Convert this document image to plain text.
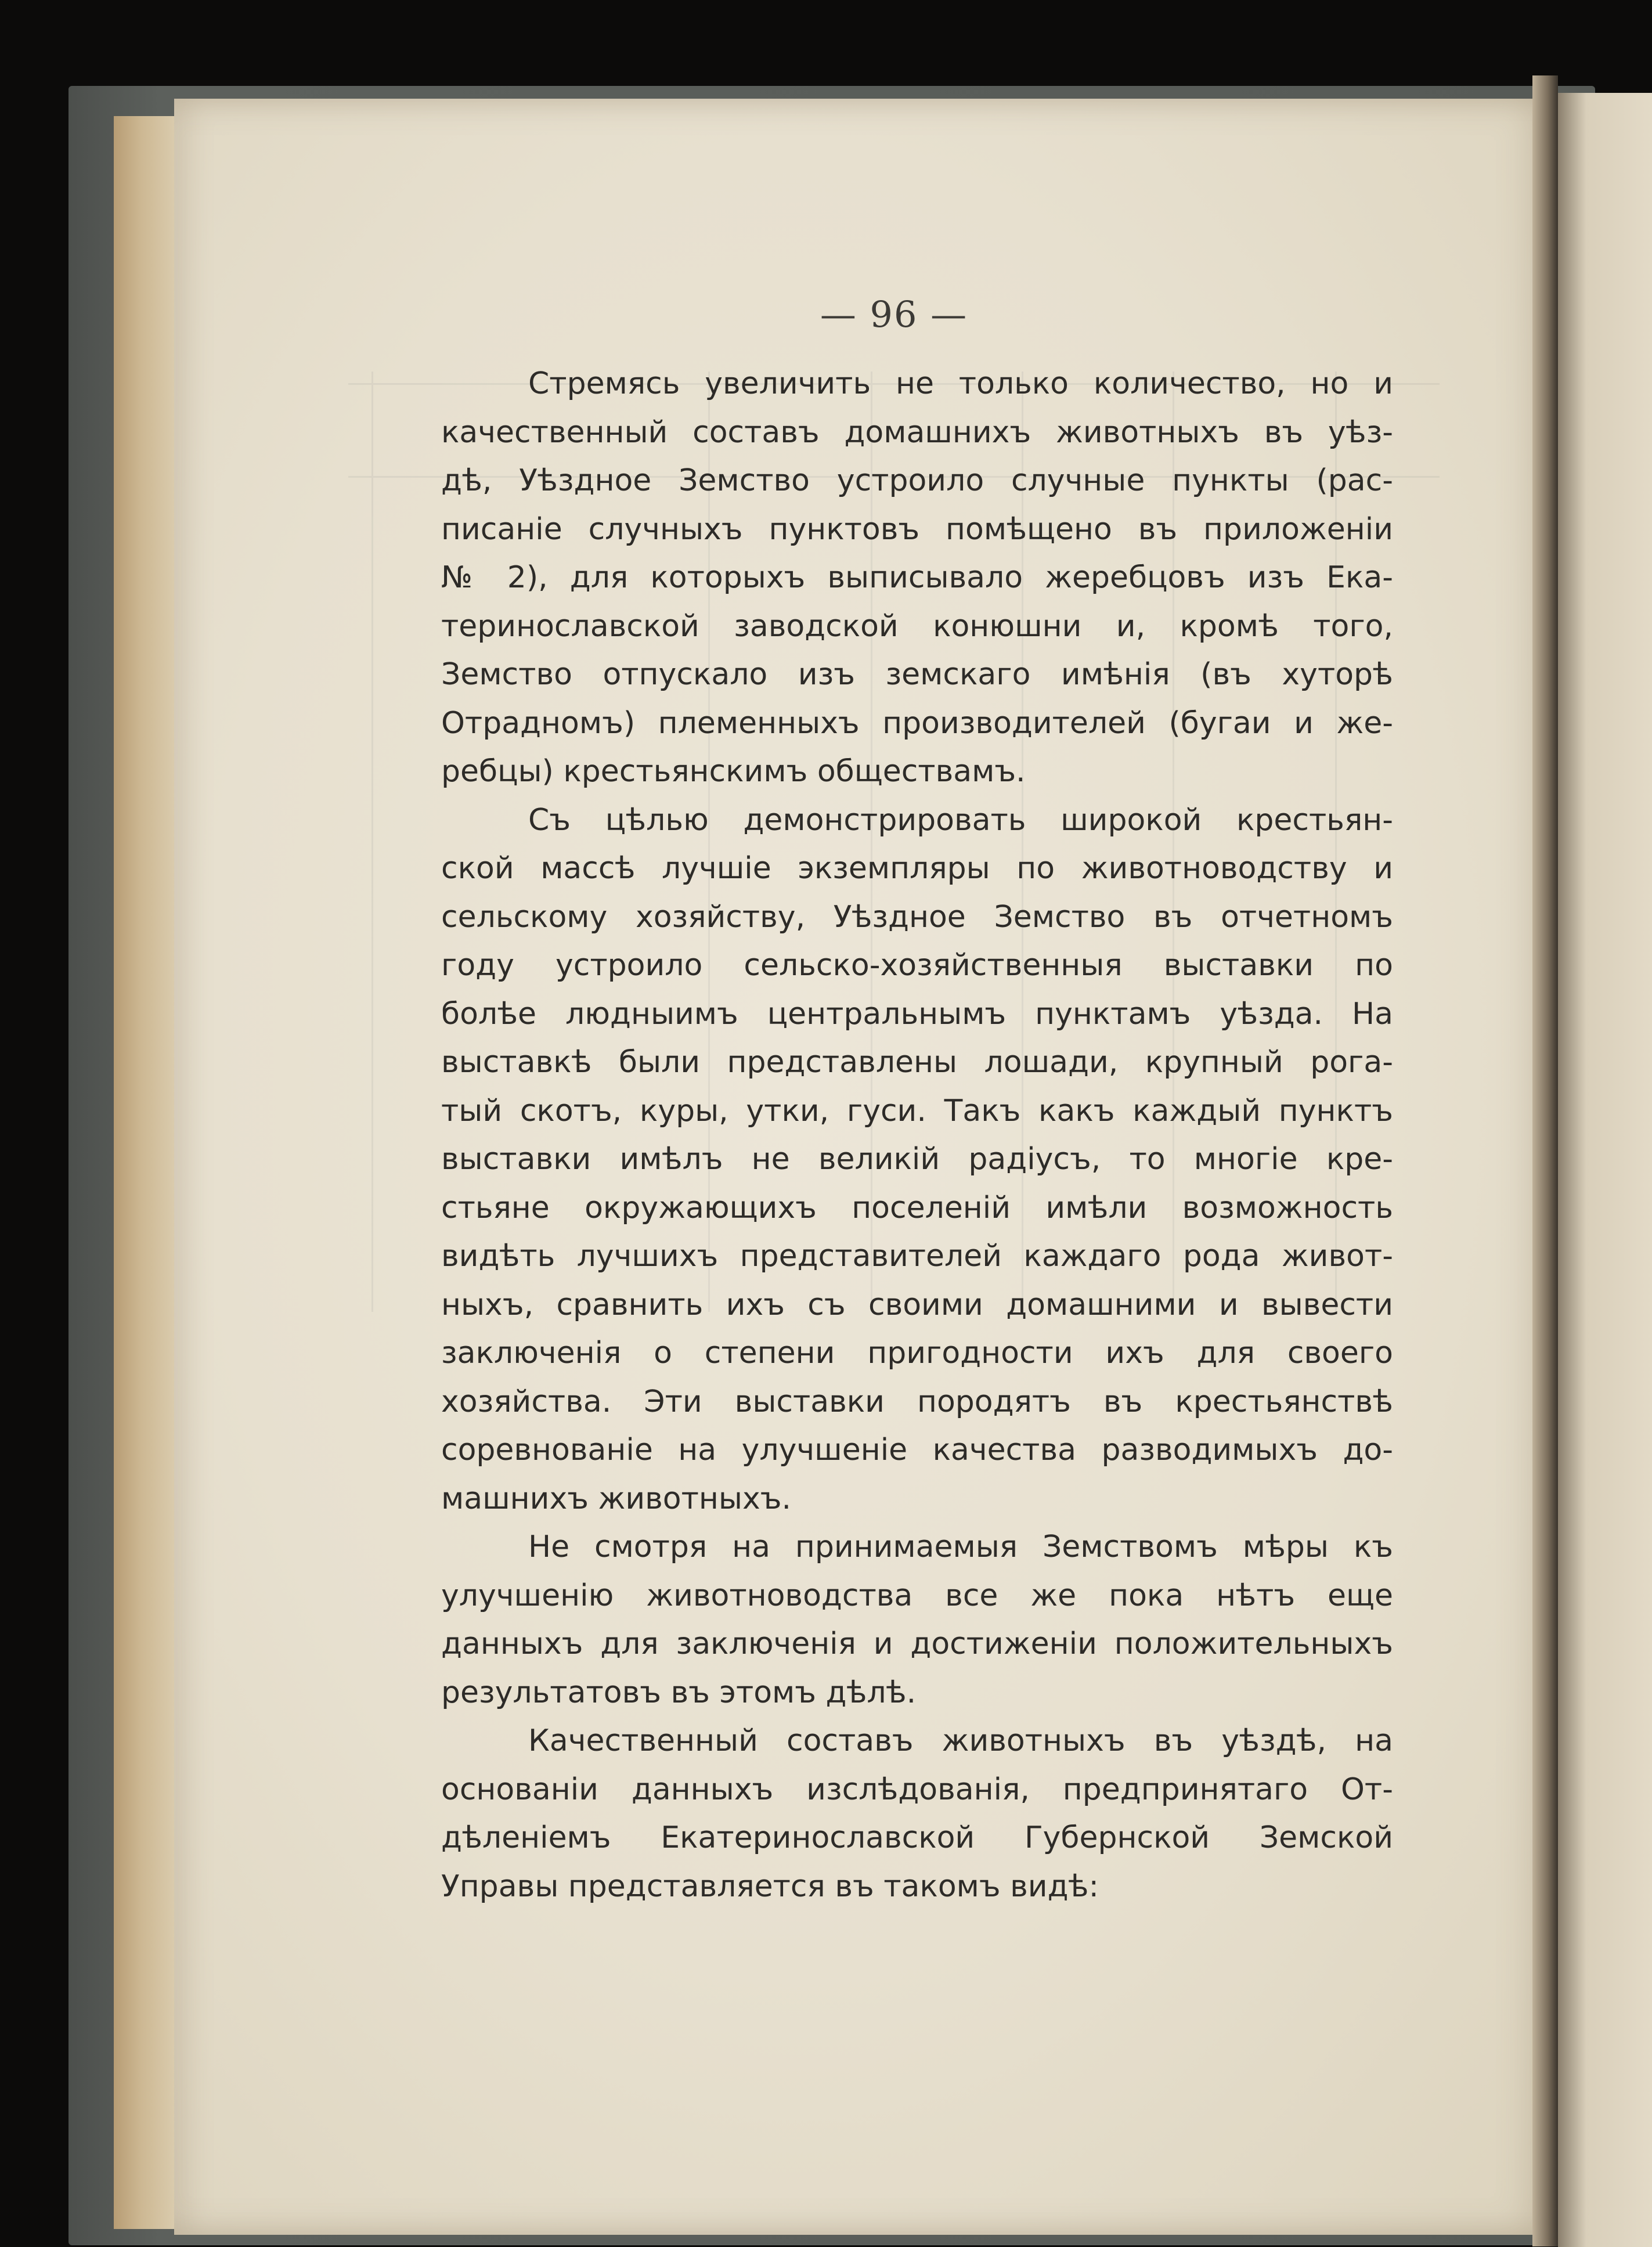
— 96 —
Стремясь увеличить не только количество, но и
качественный составъ домашнихъ животныхъ въ уѣз-
дѣ, Уѣздное Земство устроило случные пункты (рас-
писаніе случныхъ пунктовъ помѣщено въ приложеніи
№ 2), для которыхъ выписывало жеребцовъ изъ Ека-
теринославской заводской конюшни и, кромѣ того,
Земство отпускало изъ земскаго имѣнія (въ хуторѣ
Отрадномъ) племенныхъ производителей (бугаи и же-
ребцы) крестьянскимъ обществамъ.
Съ цѣлью демонстрировать широкой крестьян-
ской массѣ лучшіе экземпляры по животноводству и
сельскому хозяйству, Уѣздное Земство въ отчетномъ
году устроило сельско-хозяйственныя выставки по
болѣе людныимъ центральнымъ пунктамъ уѣзда. На
выставкѣ были представлены лошади, крупный рога-
тый скотъ, куры, утки, гуси. Такъ какъ каждый пунктъ
выставки имѣлъ не великій радіусъ, то многіе кре-
стьяне окружающихъ поселеній имѣли возможность
видѣть лучшихъ представителей каждаго рода живот-
ныхъ, сравнить ихъ съ своими домашними и вывести
заключенія о степени пригодности ихъ для своего
хозяйства. Эти выставки породятъ въ крестьянствѣ
соревнованіе на улучшеніе качества разводимыхъ до-
машнихъ животныхъ.
Не смотря на принимаемыя Земствомъ мѣры къ
улучшенію животноводства все же пока нѣтъ еще
данныхъ для заключенія и достиженіи положительныхъ
результатовъ въ этомъ дѣлѣ.
Качественный составъ животныхъ въ уѣздѣ, на
основаніи данныхъ изслѣдованія, предпринятаго От-
дѣленіемъ Екатеринославской Губернской Земской
Управы представляется въ такомъ видѣ:
